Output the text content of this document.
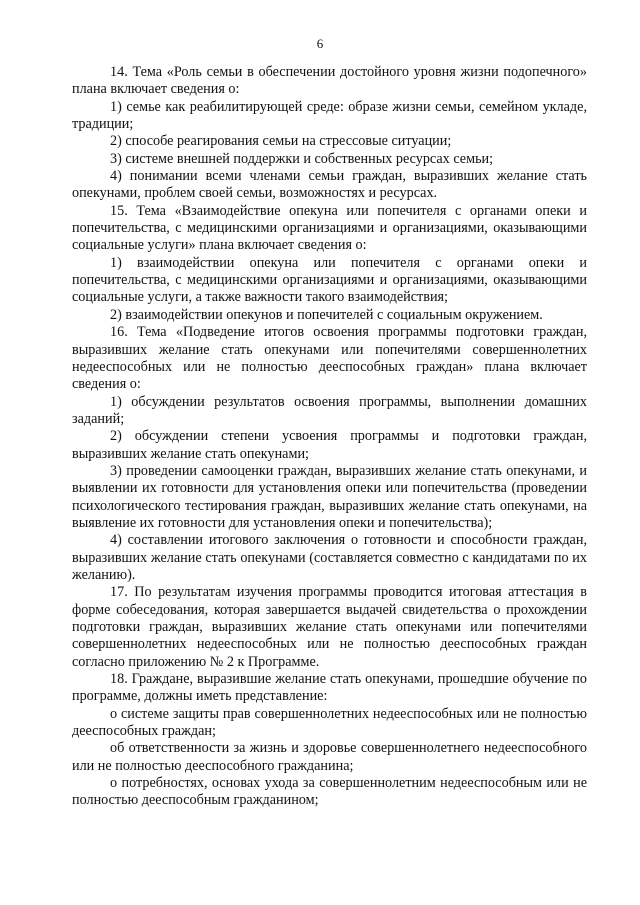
6

14. Тема «Роль семьи в обеспечении достойного уровня жизни подопечного» плана включает сведения о:

1) семье как реабилитирующей среде: образе жизни семьи, семейном укладе, традиции;

2) способе реагирования семьи на стрессовые ситуации;

3) системе внешней поддержки и собственных ресурсах семьи;

4) понимании всеми членами семьи граждан, выразивших желание стать опекунами, проблем своей семьи, возможностях и ресурсах.

15. Тема «Взаимодействие опекуна или попечителя с органами опеки и попечительства, с медицинскими организациями и организациями, оказывающими социальные услуги» плана включает сведения о:

1) взаимодействии опекуна или попечителя с органами опеки и попечительства, с медицинскими организациями и организациями, оказывающими социальные услуги, а также важности такого взаимодействия;

2) взаимодействии опекунов и попечителей с социальным окружением.

16. Тема «Подведение итогов освоения программы подготовки граждан, выразивших желание стать опекунами или попечителями совершеннолетних недееспособных или не полностью дееспособных граждан» плана включает сведения о:

1) обсуждении результатов освоения программы, выполнении домашних заданий;

2) обсуждении степени усвоения программы и подготовки граждан, выразивших желание стать опекунами;

3) проведении самооценки граждан, выразивших желание стать опекунами, и выявлении их готовности для установления опеки или попечительства (проведении психологического тестирования граждан, выразивших желание стать опекунами, на выявление их готовности для установления опеки и попечительства);

4) составлении итогового заключения о готовности и способности граждан, выразивших желание стать опекунами (составляется совместно с кандидатами по их желанию).

17. По результатам изучения программы проводится итоговая аттестация в форме собеседования, которая завершается выдачей свидетельства о прохождении подготовки граждан, выразивших желание стать опекунами или попечителями совершеннолетних недееспособных или не полностью дееспособных граждан согласно приложению № 2 к Программе.

18. Граждане, выразившие желание стать опекунами, прошедшие обучение по программе, должны иметь представление:

о системе защиты прав совершеннолетних недееспособных или не полностью дееспособных граждан;

об ответственности за жизнь и здоровье совершеннолетнего недееспособного или не полностью дееспособного гражданина;

о потребностях, основах ухода за совершеннолетним недееспособным или не полностью дееспособным гражданином;
